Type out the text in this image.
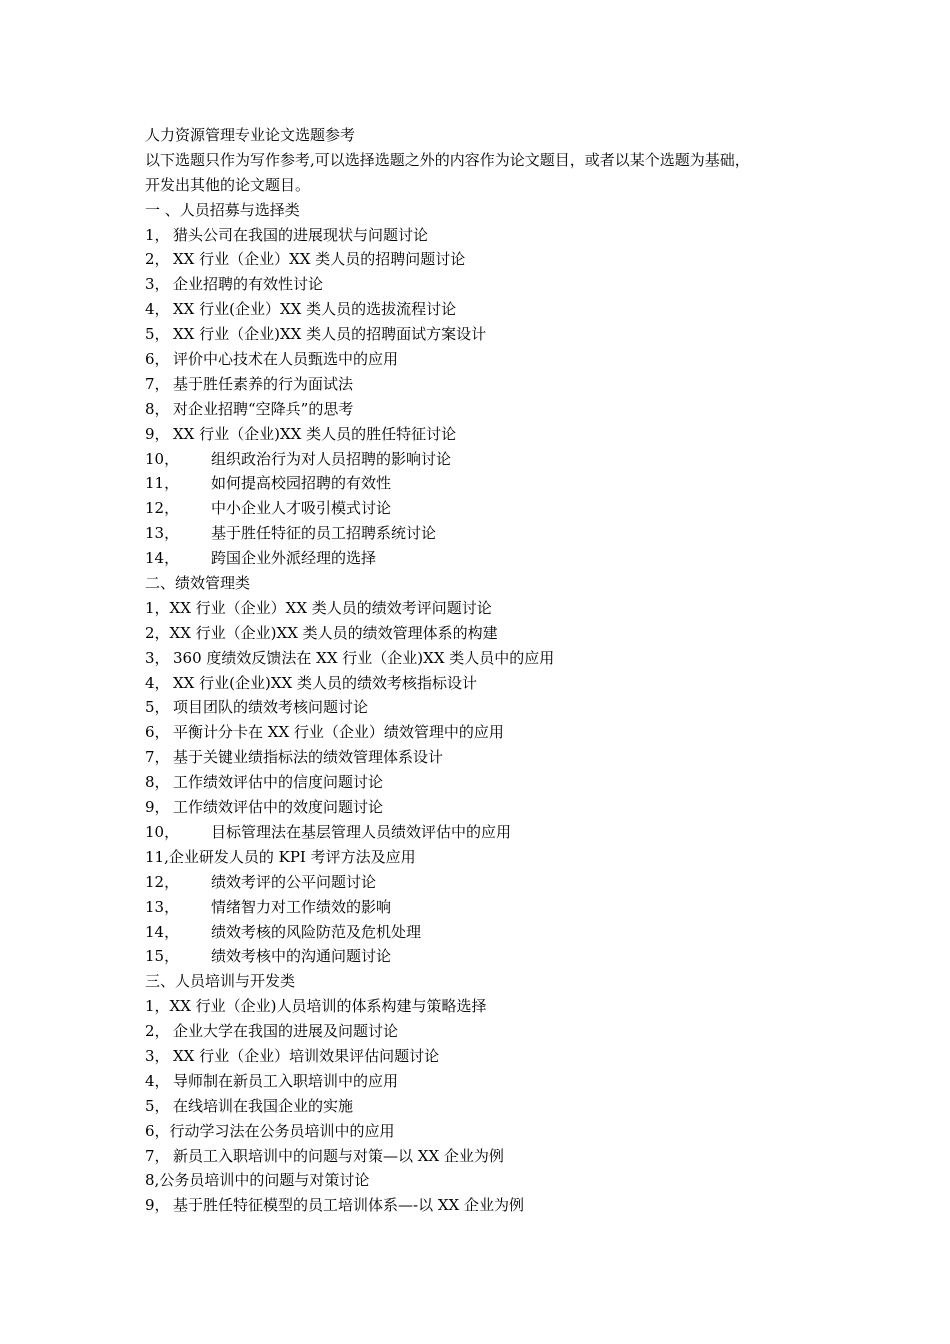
人力资源管理专业论文选题参考
以下选题只作为写作参考,可以选择选题之外的内容作为论文题目，或者以某个选题为基础，
开发出其他的论文题目。
一 、人员招募与选择类
1， 猎头公司在我国的进展现状与问题讨论
2， XX 行业（企业）XX 类人员的招聘问题讨论
3， 企业招聘的有效性讨论
4， XX 行业(企业）XX 类人员的选拔流程讨论
5， XX 行业（企业)XX 类人员的招聘面试方案设计
6， 评价中心技术在人员甄选中的应用
7， 基于胜任素养的行为面试法
8， 对企业招聘“空降兵”的思考
9， XX 行业（企业)XX 类人员的胜任特征讨论
10， 组织政治行为对人员招聘的影响讨论
11， 如何提高校园招聘的有效性
12， 中小企业人才吸引模式讨论
13， 基于胜任特征的员工招聘系统讨论
14， 跨国企业外派经理的选择
二、绩效管理类
1，XX 行业（企业）XX 类人员的绩效考评问题讨论
2，XX 行业（企业)XX 类人员的绩效管理体系的构建
3， 360 度绩效反馈法在 XX 行业（企业)XX 类人员中的应用
4， XX 行业(企业)XX 类人员的绩效考核指标设计
5， 项目团队的绩效考核问题讨论
6， 平衡计分卡在 XX 行业（企业）绩效管理中的应用
7， 基于关键业绩指标法的绩效管理体系设计
8， 工作绩效评估中的信度问题讨论
9， 工作绩效评估中的效度问题讨论
10， 目标管理法在基层管理人员绩效评估中的应用
11,企业研发人员的 KPI 考评方法及应用
12， 绩效考评的公平问题讨论
13， 情绪智力对工作绩效的影响
14， 绩效考核的风险防范及危机处理
15， 绩效考核中的沟通问题讨论
三、人员培训与开发类
1，XX 行业（企业)人员培训的体系构建与策略选择
2， 企业大学在我国的进展及问题讨论
3， XX 行业（企业）培训效果评估问题讨论
4， 导师制在新员工入职培训中的应用
5， 在线培训在我国企业的实施
6，行动学习法在公务员培训中的应用
7， 新员工入职培训中的问题与对策—以 XX 企业为例
8,公务员培训中的问题与对策讨论
9， 基于胜任特征模型的员工培训体系—-以 XX 企业为例
